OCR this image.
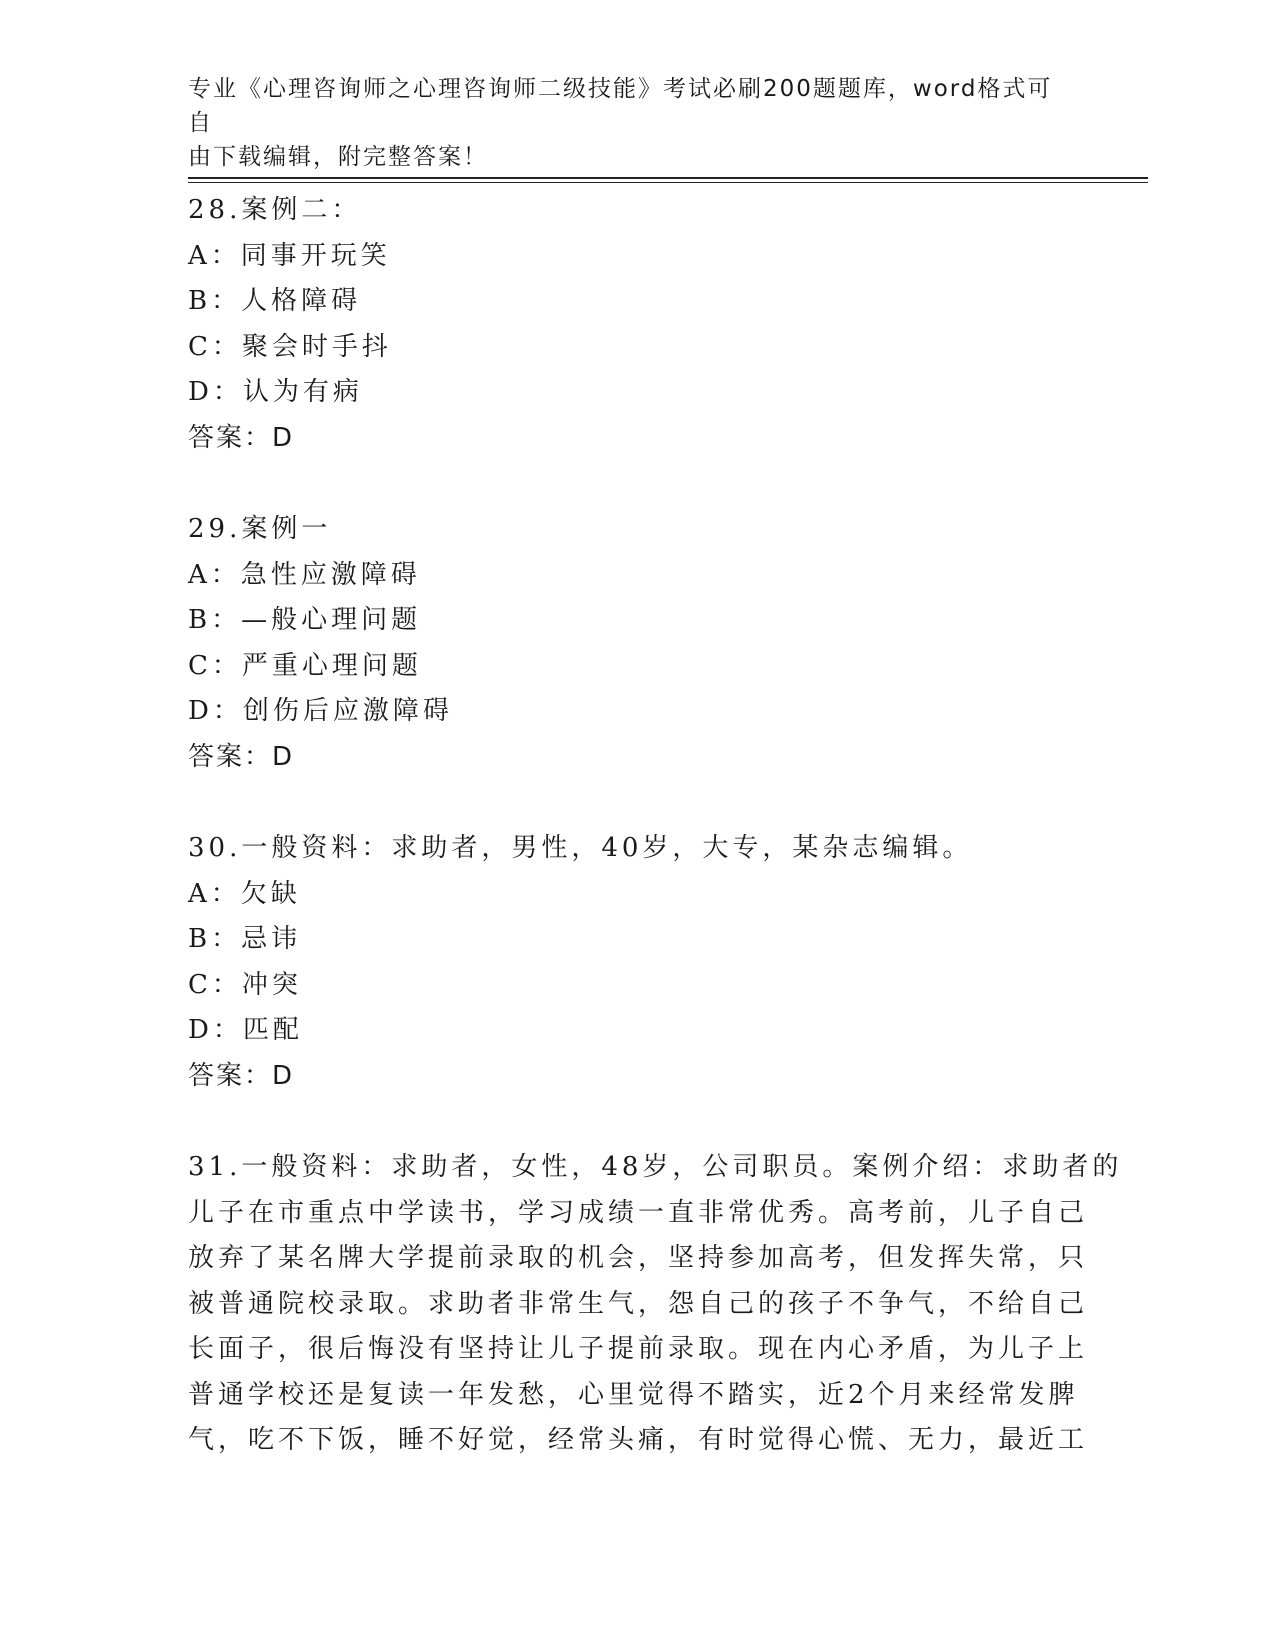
专业《心理咨询师之心理咨询师二级技能》考试必刷200题题库，word格式可自
由下载编辑，附完整答案！
28.案例二：
A：同事开玩笑
B：人格障碍
C：聚会时手抖
D：认为有病
答案：D
29.案例一
A：急性应激障碍
B：—般心理问题
C：严重心理问题
D：创伤后应激障碍
答案：D
30.一般资料：求助者，男性，40岁，大专，某杂志编辑。
A：欠缺
B：忌讳
C：冲突
D：匹配
答案：D
31.一般资料：求助者，女性，48岁，公司职员。案例介绍：求助者的
儿子在市重点中学读书，学习成绩一直非常优秀。高考前，儿子自己
放弃了某名牌大学提前录取的机会，坚持参加高考，但发挥失常，只
被普通院校录取。求助者非常生气，怨自己的孩子不争气，不给自己
长面子，很后悔没有坚持让儿子提前录取。现在内心矛盾，为儿子上
普通学校还是复读一年发愁，心里觉得不踏实，近2个月来经常发脾
气，吃不下饭，睡不好觉，经常头痛，有时觉得心慌、无力，最近工
